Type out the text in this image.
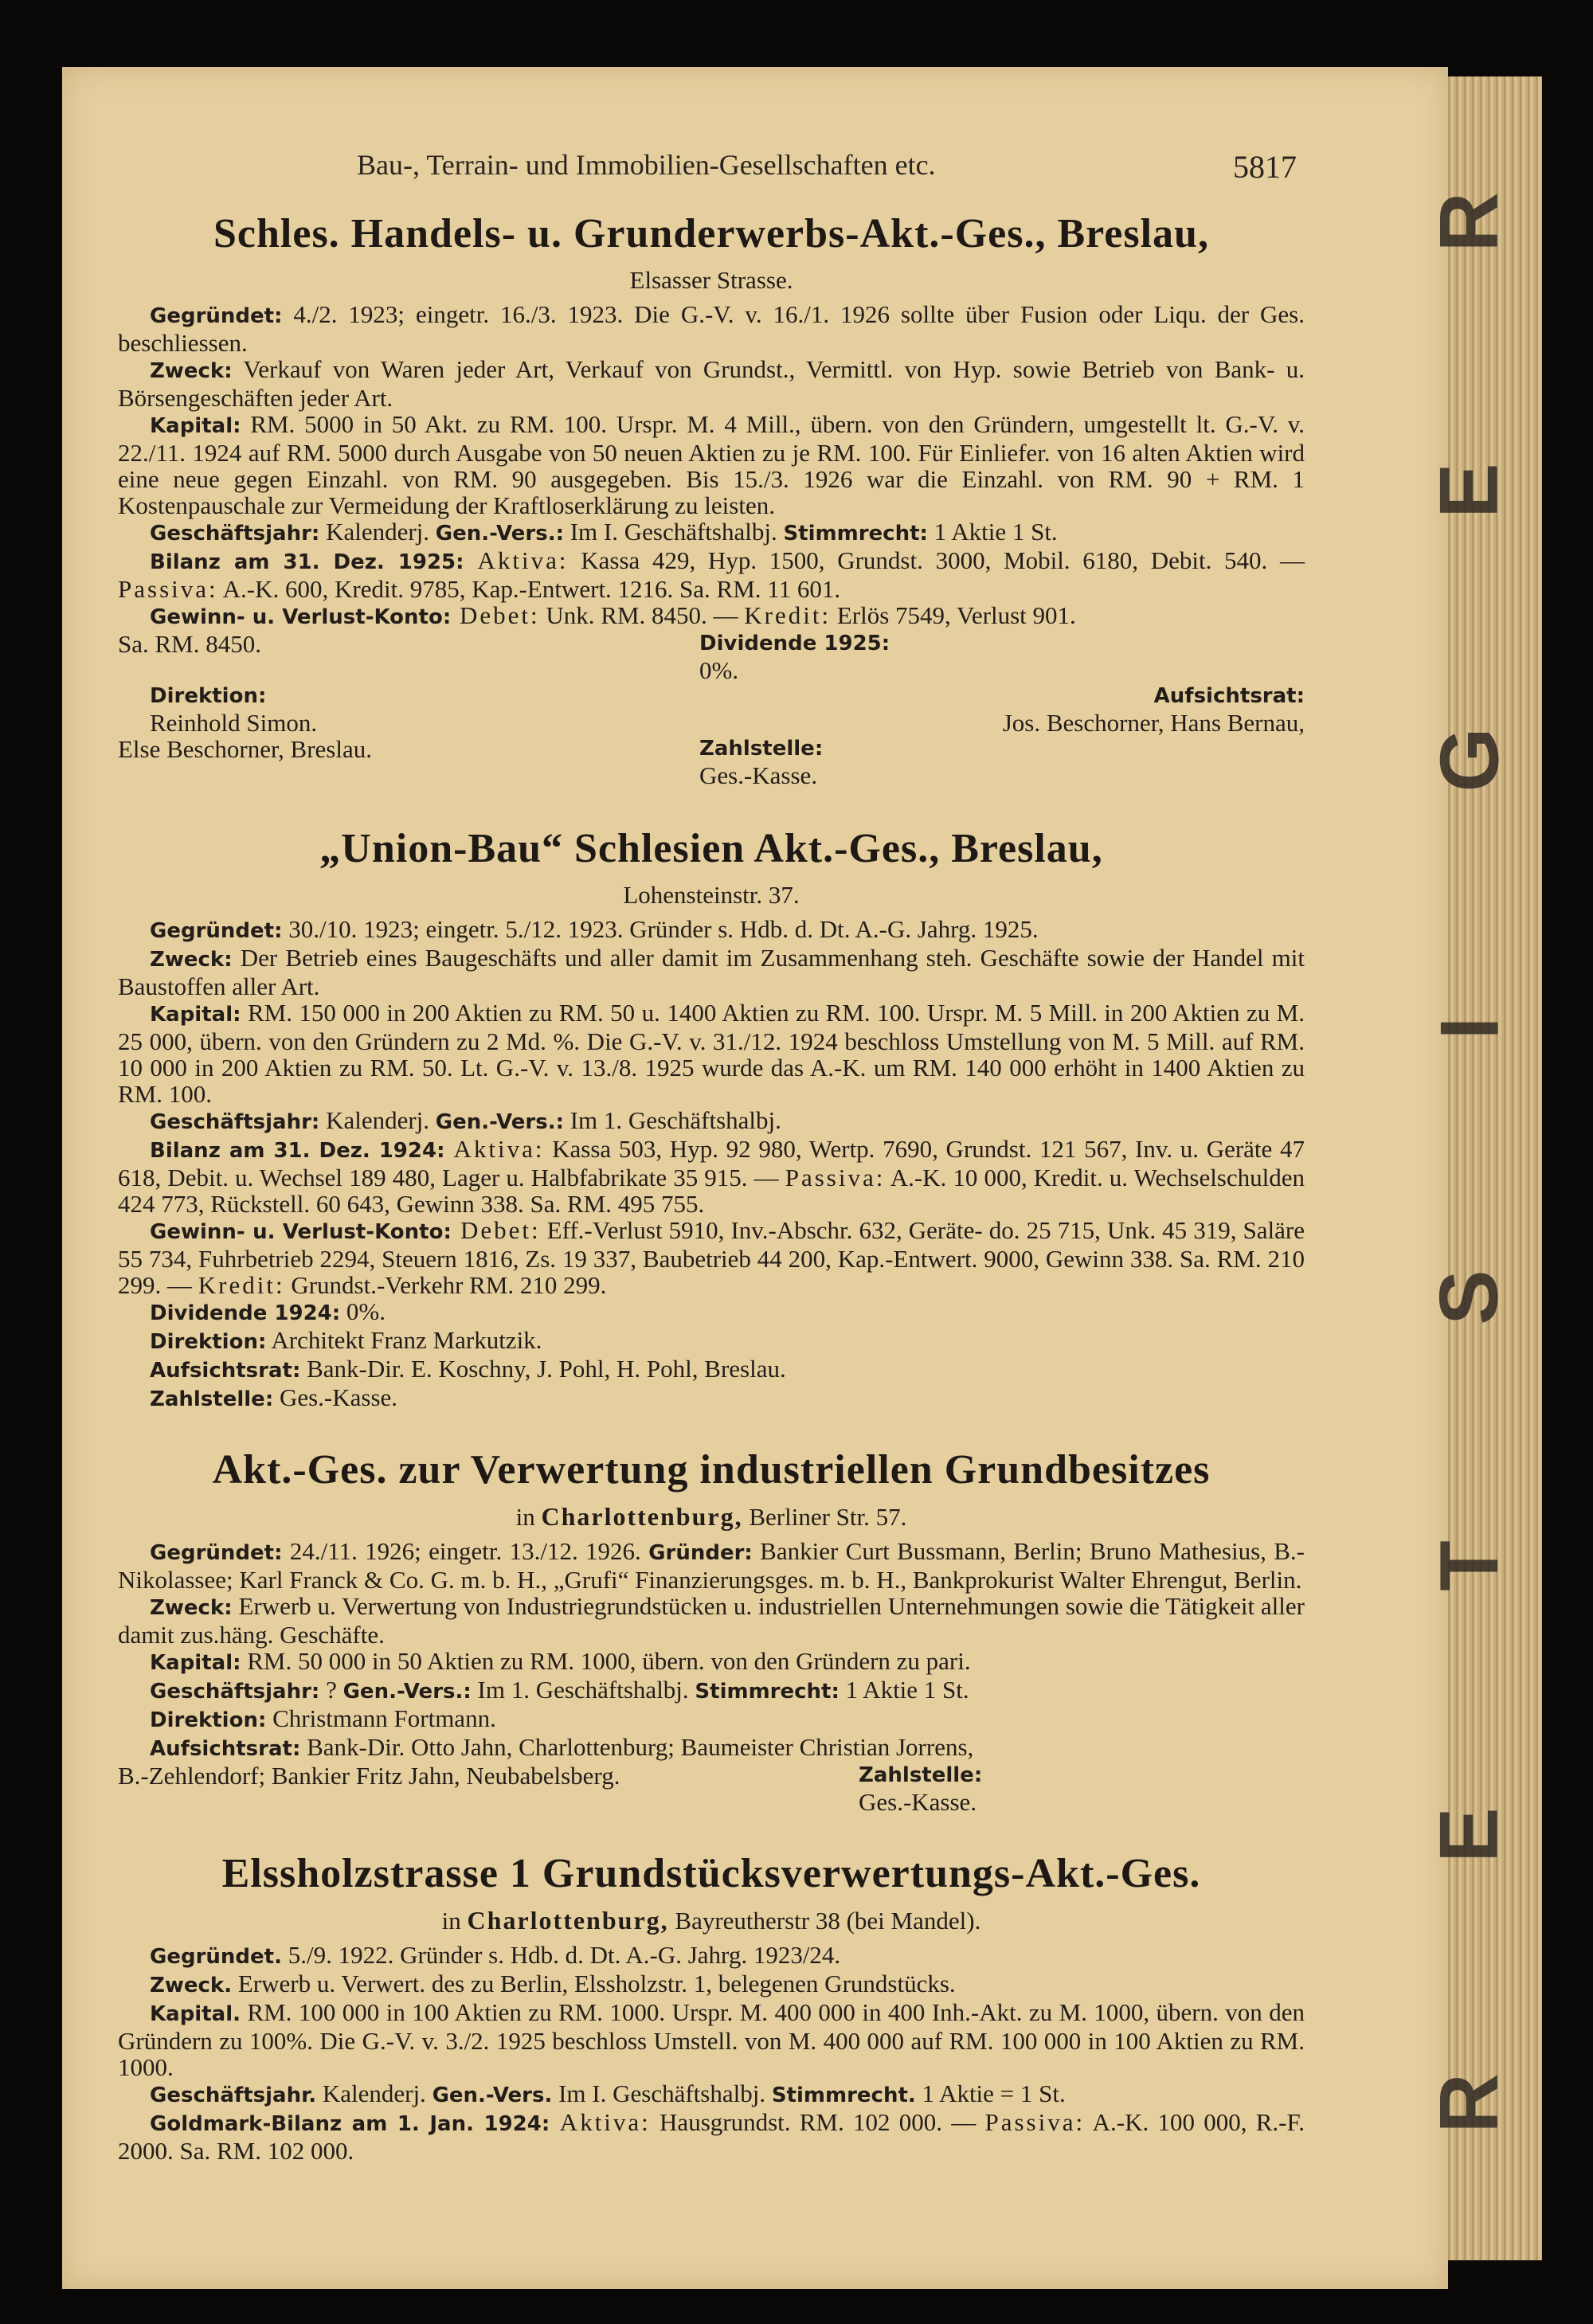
R
E
G
I
S
T
E
R
Bau-, Terrain- und Immobilien-Gesellschaften etc.	5817
Schles. Handels- u. Grunderwerbs-Akt.-Ges., Breslau,
Elsasser Strasse.

Gegründet: 4./2. 1923; eingetr. 16./3. 1923. Die G.-V. v. 16./1. 1926 sollte über Fusion oder Liqu. der Ges. beschliessen.

Zweck: Verkauf von Waren jeder Art, Verkauf von Grundst., Vermittl. von Hyp. sowie Betrieb von Bank- u. Börsengeschäften jeder Art.

Kapital: RM. 5000 in 50 Akt. zu RM. 100. Urspr. M. 4 Mill., übern. von den Gründern, umgestellt lt. G.-V. v. 22./11. 1924 auf RM. 5000 durch Ausgabe von 50 neuen Aktien zu je RM. 100. Für Einliefer. von 16 alten Aktien wird eine neue gegen Einzahl. von RM. 90 ausgegeben. Bis 15./3. 1926 war die Einzahl. von RM. 90 + RM. 1 Kostenpauschale zur Vermeidung der Kraftloserklärung zu leisten.

Geschäftsjahr: Kalenderj. Gen.-Vers.: Im I. Geschäftshalbj. Stimmrecht: 1 Aktie 1 St.

Bilanz am 31. Dez. 1925: Aktiva: Kassa 429, Hyp. 1500, Grundst. 3000, Mobil. 6180, Debit. 540. — Passiva: A.-K. 600, Kredit. 9785, Kap.-Entwert. 1216. Sa. RM. 11 601.

Gewinn- u. Verlust-Konto: Debet: Unk. RM. 8450. — Kredit: Erlös 7549, Verlust 901.

Sa. RM. 8450.	Dividende 1925:
0%.
Direktion:
Reinhold Simon.
Aufsichtsrat:
Jos. Beschorner, Hans Bernau,
Else Beschorner, Breslau.	Zahlstelle:
Ges.-Kasse.
„Union-Bau“ Schlesien Akt.-Ges., Breslau,
Lohensteinstr. 37.

Gegründet: 30./10. 1923; eingetr. 5./12. 1923. Gründer s. Hdb. d. Dt. A.-G. Jahrg. 1925.

Zweck: Der Betrieb eines Baugeschäfts und aller damit im Zusammenhang steh. Geschäfte sowie der Handel mit Baustoffen aller Art.

Kapital: RM. 150 000 in 200 Aktien zu RM. 50 u. 1400 Aktien zu RM. 100. Urspr. M. 5 Mill. in 200 Aktien zu M. 25 000, übern. von den Gründern zu 2 Md. %. Die G.-V. v. 31./12. 1924 beschloss Umstellung von M. 5 Mill. auf RM. 10 000 in 200 Aktien zu RM. 50. Lt. G.-V. v. 13./8. 1925 wurde das A.-K. um RM. 140 000 erhöht in 1400 Aktien zu RM. 100.

Geschäftsjahr: Kalenderj. Gen.-Vers.: Im 1. Geschäftshalbj.

Bilanz am 31. Dez. 1924: Aktiva: Kassa 503, Hyp. 92 980, Wertp. 7690, Grundst. 121 567, Inv. u. Geräte 47 618, Debit. u. Wechsel 189 480, Lager u. Halbfabrikate 35 915. — Passiva: A.-K. 10 000, Kredit. u. Wechselschulden 424 773, Rückstell. 60 643, Gewinn 338. Sa. RM. 495 755.

Gewinn- u. Verlust-Konto: Debet: Eff.-Verlust 5910, Inv.-Abschr. 632, Geräte- do. 25 715, Unk. 45 319, Saläre 55 734, Fuhrbetrieb 2294, Steuern 1816, Zs. 19 337, Baubetrieb 44 200, Kap.-Entwert. 9000, Gewinn 338. Sa. RM. 210 299. — Kredit: Grundst.-Verkehr RM. 210 299.

Dividende 1924: 0%.

Direktion: Architekt Franz Markutzik.

Aufsichtsrat: Bank-Dir. E. Koschny, J. Pohl, H. Pohl, Breslau.

Zahlstelle: Ges.-Kasse.

Akt.-Ges. zur Verwertung industriellen Grundbesitzes
in Charlottenburg, Berliner Str. 57.

Gegründet: 24./11. 1926; eingetr. 13./12. 1926. Gründer: Bankier Curt Bussmann, Berlin; Bruno Mathesius, B.-Nikolassee; Karl Franck & Co. G. m. b. H., „Grufi“ Finanzierungsges. m. b. H., Bankprokurist Walter Ehrengut, Berlin.

Zweck: Erwerb u. Verwertung von Industriegrundstücken u. industriellen Unternehmungen sowie die Tätigkeit aller damit zus.häng. Geschäfte.

Kapital: RM. 50 000 in 50 Aktien zu RM. 1000, übern. von den Gründern zu pari.

Geschäftsjahr: ? Gen.-Vers.: Im 1. Geschäftshalbj. Stimmrecht: 1 Aktie 1 St.

Direktion: Christmann Fortmann.

Aufsichtsrat: Bank-Dir. Otto Jahn, Charlottenburg; Baumeister Christian Jorrens,

B.-Zehlendorf; Bankier Fritz Jahn, Neubabelsberg.	Zahlstelle:
Ges.-Kasse.
Elssholzstrasse 1 Grundstücksverwertungs-Akt.-Ges.
in Charlottenburg, Bayreutherstr 38 (bei Mandel).

Gegründet. 5./9. 1922. Gründer s. Hdb. d. Dt. A.-G. Jahrg. 1923/24.

Zweck. Erwerb u. Verwert. des zu Berlin, Elssholzstr. 1, belegenen Grundstücks.

Kapital. RM. 100 000 in 100 Aktien zu RM. 1000. Urspr. M. 400 000 in 400 Inh.-Akt. zu M. 1000, übern. von den Gründern zu 100%. Die G.-V. v. 3./2. 1925 beschloss Umstell. von M. 400 000 auf RM. 100 000 in 100 Aktien zu RM. 1000.

Geschäftsjahr. Kalenderj. Gen.-Vers. Im I. Geschäftshalbj. Stimmrecht. 1 Aktie = 1 St.

Goldmark-Bilanz am 1. Jan. 1924: Aktiva: Hausgrundst. RM. 102 000. — Passiva: A.-K. 100 000, R.-F. 2000. Sa. RM. 102 000.
